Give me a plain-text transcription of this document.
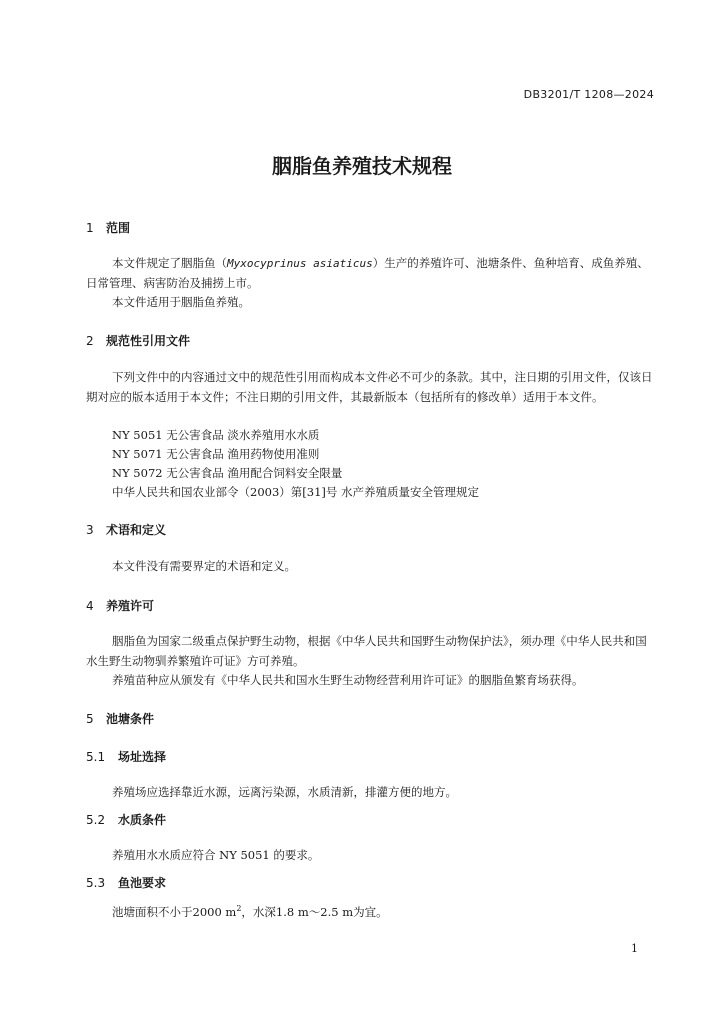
DB3201/T 1208—2024
胭脂鱼养殖技术规程
1 范围
本文件规定了胭脂鱼（Myxocyprinus asiaticus）生产的养殖许可、池塘条件、鱼种培育、成鱼养殖、日常管理、病害防治及捕捞上市。
本文件适用于胭脂鱼养殖。
2 规范性引用文件
下列文件中的内容通过文中的规范性引用而构成本文件必不可少的条款。其中，注日期的引用文件，仅该日期对应的版本适用于本文件；不注日期的引用文件，其最新版本（包括所有的修改单）适用于本文件。
NY 5051 无公害食品 淡水养殖用水水质
NY 5071 无公害食品 渔用药物使用准则
NY 5072 无公害食品 渔用配合饲料安全限量
中华人民共和国农业部令（2003）第[31]号 水产养殖质量安全管理规定
3 术语和定义
本文件没有需要界定的术语和定义。
4 养殖许可
胭脂鱼为国家二级重点保护野生动物，根据《中华人民共和国野生动物保护法》，须办理《中华人民共和国水生野生动物驯养繁殖许可证》方可养殖。
养殖苗种应从颁发有《中华人民共和国水生野生动物经营利用许可证》的胭脂鱼繁育场获得。
5 池塘条件
5.1 场址选择
养殖场应选择靠近水源，远离污染源，水质清新，排灌方便的地方。
5.2 水质条件
养殖用水水质应符合 NY 5051 的要求。
5.3 鱼池要求
池塘面积不小于2000 $m^2$，水深1.8 m～2.5 m为宜。
1
